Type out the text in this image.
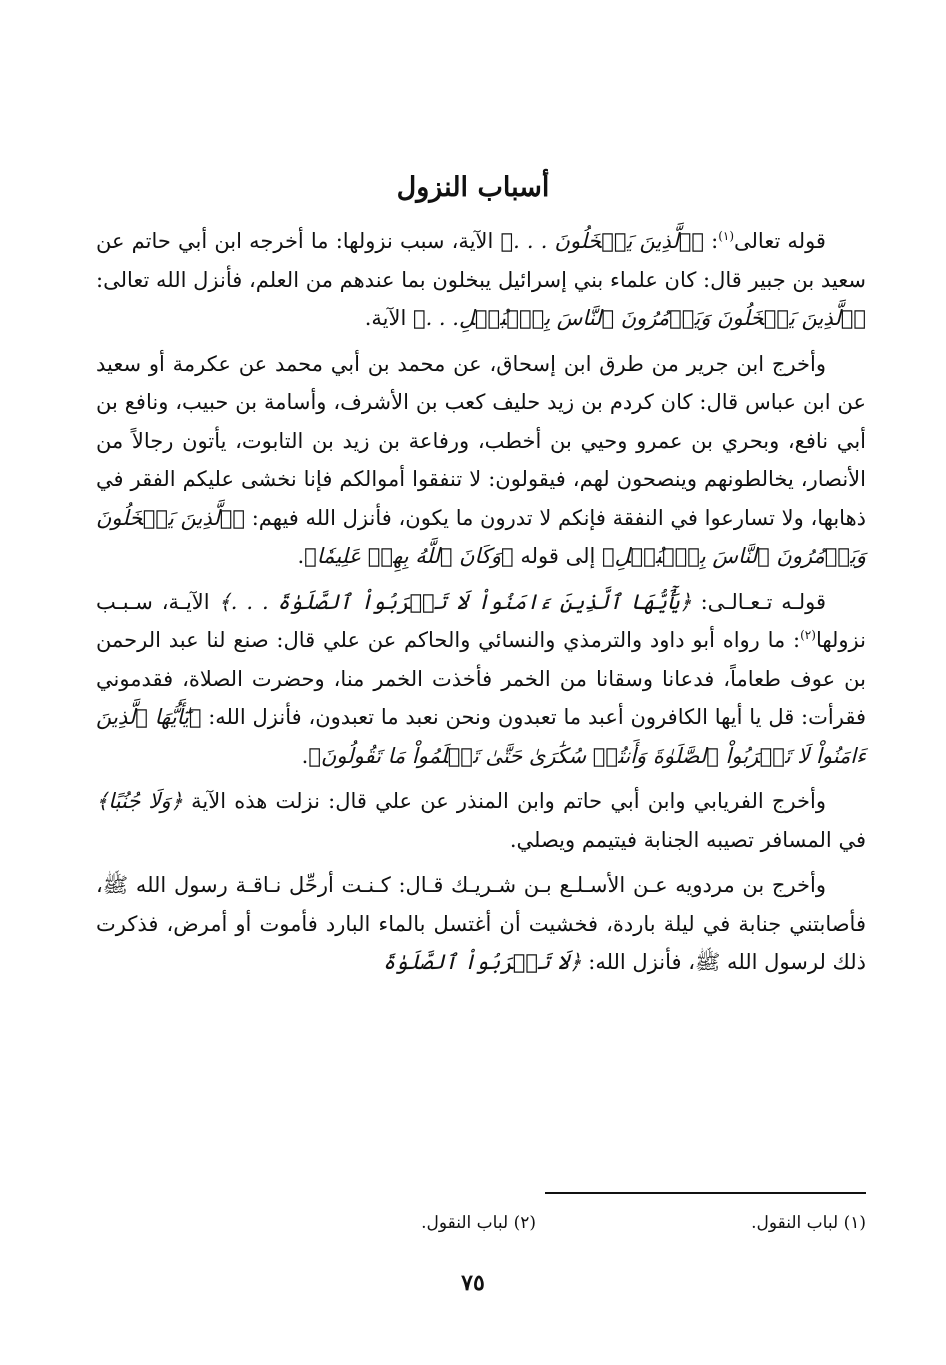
أسباب النزول

قوله تعالى$^{(١)}$: ﴿ٱلَّذِينَ يَبۡخَلُونَ . . .﴾ الآية، سبب نزولها: ما أخرجه ابن أبي حاتم عن سعيد بن جبير قال: كان علماء بني إسرائيل يبخلون بما عندهم من العلم، فأنزل الله تعالى: ﴿ٱلَّذِينَ يَبۡخَلُونَ وَيَأۡمُرُونَ ٱلنَّاسَ بِٱلۡبُخۡلِ. . .﴾ الآية.

وأخرج ابن جرير من طرق ابن إسحاق، عن محمد بن أبي محمد عن عكرمة أو سعيد عن ابن عباس قال: كان كردم بن زيد حليف كعب بن الأشرف، وأسامة بن حبيب، ونافع بن أبي نافع، وبحري بن عمرو وحيي بن أخطب، ورفاعة بن زيد بن التابوت، يأتون رجالاً من الأنصار، يخالطونهم وينصحون لهم، فيقولون: لا تنفقوا أموالكم فإنا نخشى عليكم الفقر في ذهابها، ولا تسارعوا في النفقة فإنكم لا تدرون ما يكون، فأنزل الله فيهم: ﴿ٱلَّذِينَ يَبۡخَلُونَ وَيَأۡمُرُونَ ٱلنَّاسَ بِٱلۡبُخۡلِ﴾ إلى قوله ﴿وَكَانَ ٱللَّهُ بِهِمۡ عَلِيمٗا﴾.

قولـه تـعـالـى: ﴿يَٰٓأَيُّهَا ٱلَّذِينَ ءَامَنُواْ لَا تَقۡرَبُواْ ٱلصَّلَوٰةَ . . .﴾ الآيـة، سـبـب نزولها$^{(٢)}$: ما رواه أبو داود والترمذي والنسائي والحاكم عن علي قال: صنع لنا عبد الرحمن بن عوف طعاماً، فدعانا وسقانا من الخمر فأخذت الخمر منا، وحضرت الصلاة، فقدموني فقرأت: قل يا أيها الكافرون أعبد ما تعبدون ونحن نعبد ما تعبدون، فأنزل الله: ﴿يَٰٓأَيُّهَا ٱلَّذِينَ ءَامَنُواْ لَا تَقۡرَبُواْ ٱلصَّلَوٰةَ وَأَنتُمۡ سُكَٰرَىٰ حَتَّىٰ تَعۡلَمُواْ مَا تَقُولُونَ﴾.

وأخرج الفريابي وابن أبي حاتم وابن المنذر عن علي قال: نزلت هذه الآية ﴿وَلَا جُنُبًا﴾ في المسافر تصيبه الجنابة فيتيمم ويصلي.

وأخرج بن مردويه عـن الأسـلـع بـن شـريـك قـال: كـنـت أرحِّل نـاقـة رسول الله ﷺ، فأصابتني جنابة في ليلة باردة، فخشيت أن أغتسل بالماء البارد فأموت أو أمرض، فذكرت ذلك لرسول الله ﷺ، فأنزل الله: ﴿لَا تَقۡرَبُواْ ٱلصَّلَوٰةَ

(١) لباب النقول.
(٢) لباب النقول.
٧٥
